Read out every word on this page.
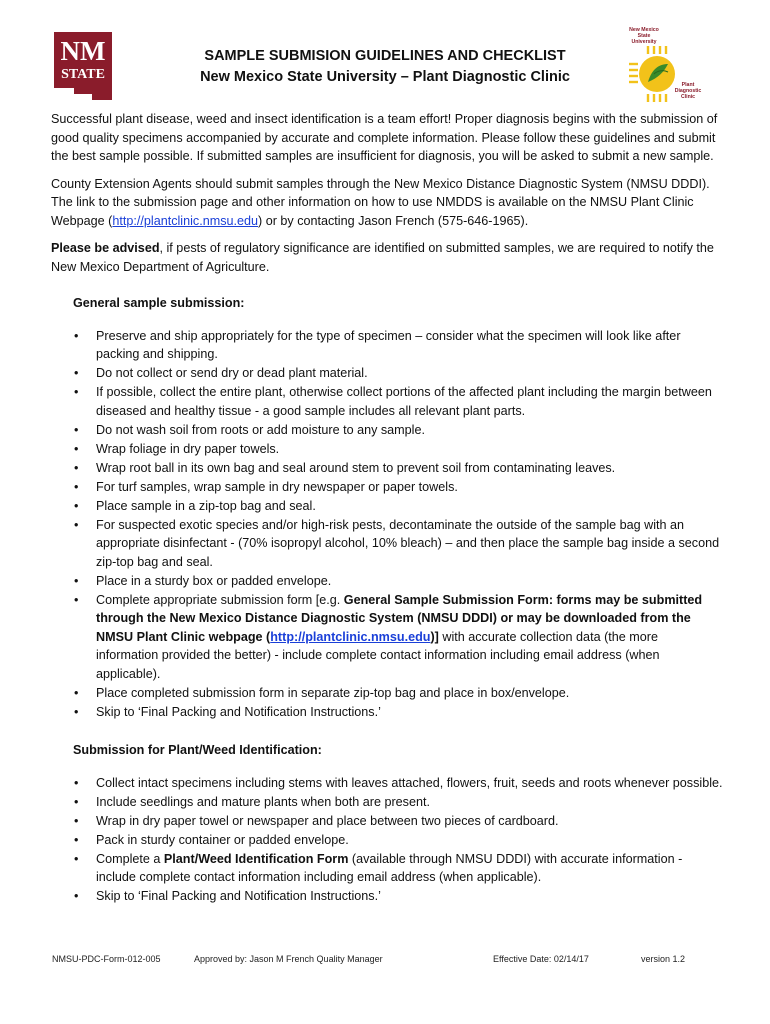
NM
STATE
New Mexico
State
University
Plant
Diagnostic
Clinic
SAMPLE SUBMISION GUIDELINES AND CHECKLIST
New Mexico State University – Plant Diagnostic Clinic

Successful plant disease, weed and insect identification is a team effort! Proper diagnosis begins with the submission of good quality specimens accompanied by accurate and complete information. Please follow these guidelines and submit the best sample possible. If submitted samples are insufficient for diagnosis, you will be asked to submit a new sample.

County Extension Agents should submit samples through the New Mexico Distance Diagnostic System (NMSU DDDI). The link to the submission page and other information on how to use NMDDS is available on the NMSU Plant Clinic Webpage (http://plantclinic.nmsu.edu) or by contacting Jason French (575-646-1965).

Please be advised, if pests of regulatory significance are identified on submitted samples, we are required to notify the New Mexico Department of Agriculture.

General sample submission:
• Preserve and ship appropriately for the type of specimen – consider what the specimen will look like after packing and shipping.
• Do not collect or send dry or dead plant material.
• If possible, collect the entire plant, otherwise collect portions of the affected plant including the margin between diseased and healthy tissue - a good sample includes all relevant plant parts.
• Do not wash soil from roots or add moisture to any sample.
• Wrap foliage in dry paper towels.
• Wrap root ball in its own bag and seal around stem to prevent soil from contaminating leaves.
• For turf samples, wrap sample in dry newspaper or paper towels.
• Place sample in a zip-top bag and seal.
• For suspected exotic species and/or high-risk pests, decontaminate the outside of the sample bag with an appropriate disinfectant - (70% isopropyl alcohol, 10% bleach) – and then place the sample bag inside a second zip-top bag and seal.
• Place in a sturdy box or padded envelope.
• Complete appropriate submission form [e.g. General Sample Submission Form: forms may be submitted through the New Mexico Distance Diagnostic System (NMSU DDDI) or may be downloaded from the NMSU Plant Clinic webpage (http://plantclinic.nmsu.edu)] with accurate collection data (the more information provided the better) - include complete contact information including email address (when applicable).
• Place completed submission form in separate zip-top bag and place in box/envelope.
• Skip to ‘Final Packing and Notification Instructions.’
Submission for Plant/Weed Identification:
• Collect intact specimens including stems with leaves attached, flowers, fruit, seeds and roots whenever possible.
• Include seedlings and mature plants when both are present.
• Wrap in dry paper towel or newspaper and place between two pieces of cardboard.
• Pack in sturdy container or padded envelope.
• Complete a Plant/Weed Identification Form (available through NMSU DDDI) with accurate information - include complete contact information including email address (when applicable).
• Skip to ‘Final Packing and Notification Instructions.’
NMSU-PDC-Form-012-005	Approved by: Jason M French Quality Manager	Effective Date: 02/14/17	version 1.2
